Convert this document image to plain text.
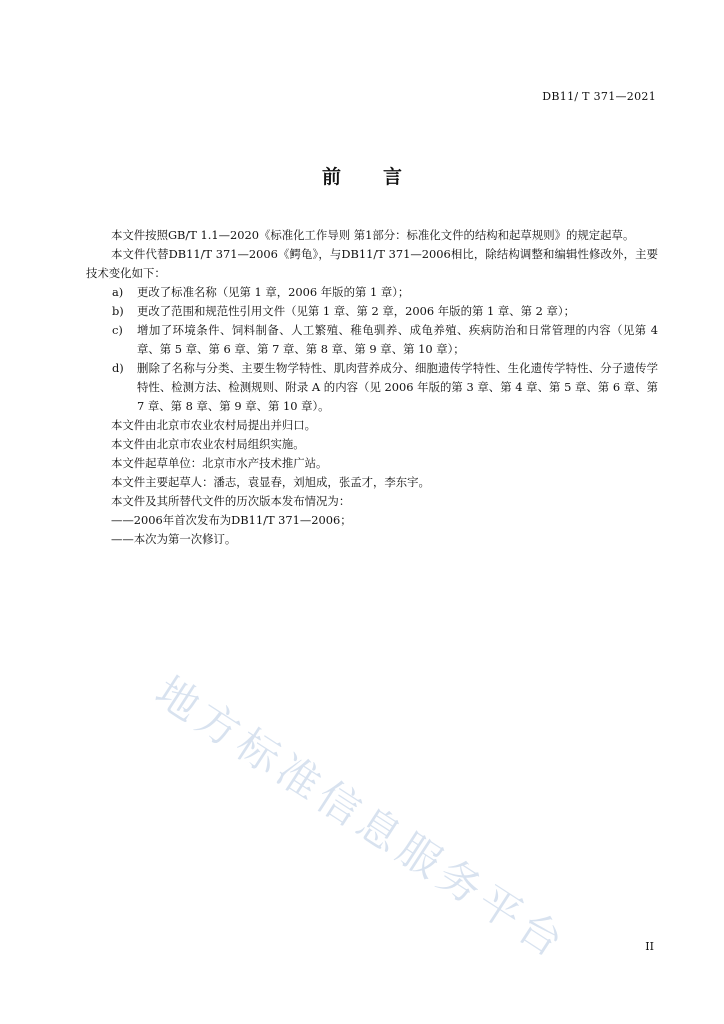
DB11/ T 371—2021
前言

本文件按照GB/T 1.1—2020《标准化工作导则 第1部分：标准化文件的结构和起草规则》的规定起草。

本文件代替DB11/T 371—2006《鳄龟》，与DB11/T 371—2006相比，除结构调整和编辑性修改外，主要技术变化如下：

a)	更改了标准名称（见第 1 章，2006 年版的第 1 章）；
b)	更改了范围和规范性引用文件（见第 1 章、第 2 章，2006 年版的第 1 章、第 2 章）；
c)	增加了环境条件、饲料制备、人工繁殖、稚龟驯养、成龟养殖、疾病防治和日常管理的内容（见第 4 章、第 5 章、第 6 章、第 7 章、第 8 章、第 9 章、第 10 章）；
d)	删除了名称与分类、主要生物学特性、肌肉营养成分、细胞遗传学特性、生化遗传学特性、分子遗传学特性、检测方法、检测规则、附录 A 的内容（见 2006 年版的第 3 章、第 4 章、第 5 章、第 6 章、第 7 章、第 8 章、第 9 章、第 10 章）。

本文件由北京市农业农村局提出并归口。

本文件由北京市农业农村局组织实施。

本文件起草单位：北京市水产技术推广站。

本文件主要起草人：潘志，袁显春，刘旭成，张孟才，李东宇。

本文件及其所替代文件的历次版本发布情况为：

——2006年首次发布为DB11/T 371—2006；

——本次为第一次修订。

地方标准信息服务平台	II
